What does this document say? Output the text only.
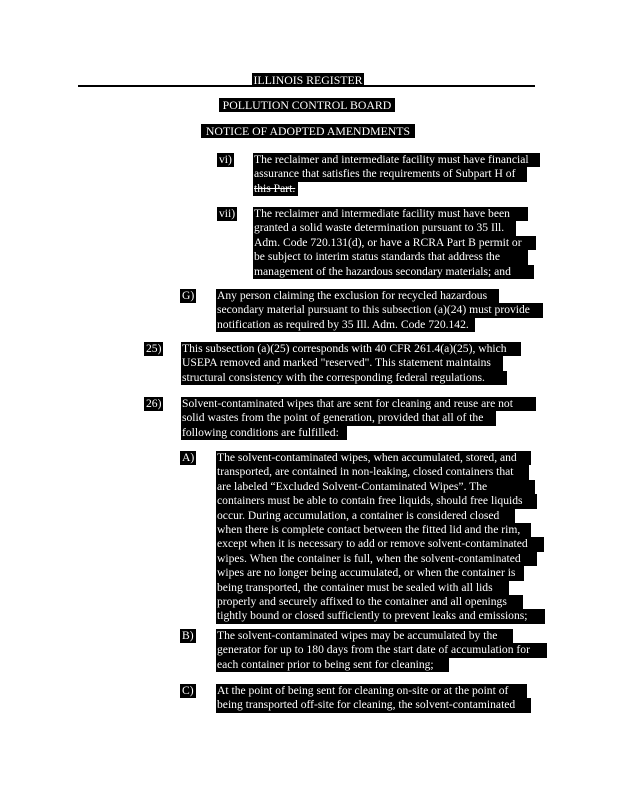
ILLINOIS REGISTER
POLLUTION CONTROL BOARD
NOTICE OF ADOPTED AMENDMENTS
vi) The reclaimer and intermediate facility must have financial
assurance that satisfies the requirements of Subpart H of
this Part.
vii) The reclaimer and intermediate facility must have been
granted a solid waste determination pursuant to 35 Ill.
Adm. Code 720.131(d), or have a RCRA Part B permit or
be subject to interim status standards that address the
management of the hazardous secondary materials; and
G) Any person claiming the exclusion for recycled hazardous
secondary material pursuant to this subsection (a)(24) must provide
notification as required by 35 Ill. Adm. Code 720.142.
25) This subsection (a)(25) corresponds with 40 CFR 261.4(a)(25), which
USEPA removed and marked "reserved". This statement maintains
structural consistency with the corresponding federal regulations.
26) Solvent-contaminated wipes that are sent for cleaning and reuse are not
solid wastes from the point of generation, provided that all of the
following conditions are fulfilled:
A) The solvent-contaminated wipes, when accumulated, stored, and
transported, are contained in non-leaking, closed containers that
are labeled “Excluded Solvent-Contaminated Wipes”. The
containers must be able to contain free liquids, should free liquids
occur. During accumulation, a container is considered closed
when there is complete contact between the fitted lid and the rim,
except when it is necessary to add or remove solvent-contaminated
wipes. When the container is full, when the solvent-contaminated
wipes are no longer being accumulated, or when the container is
being transported, the container must be sealed with all lids
properly and securely affixed to the container and all openings
tightly bound or closed sufficiently to prevent leaks and emissions;
B) The solvent-contaminated wipes may be accumulated by the
generator for up to 180 days from the start date of accumulation for
each container prior to being sent for cleaning;
C) At the point of being sent for cleaning on-site or at the point of
being transported off-site for cleaning, the solvent-contaminated
